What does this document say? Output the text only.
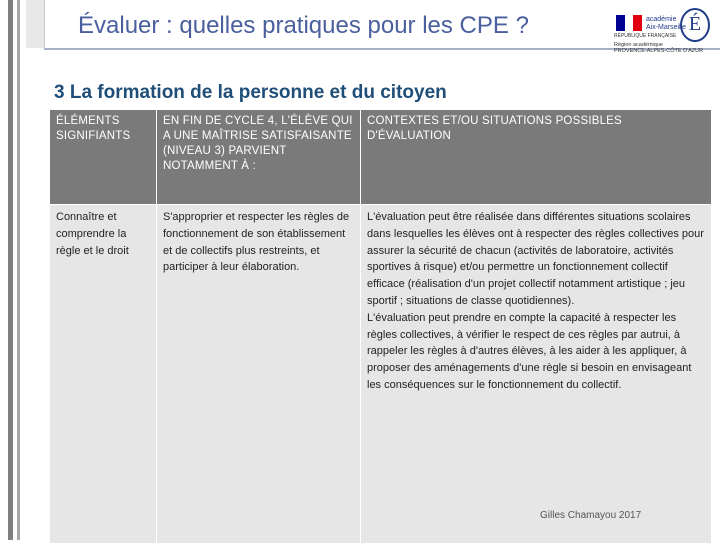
Évaluer : quelles pratiques pour les CPE ?	RÉPUBLIQUE FRANÇAISE
académie
Aix-Marseille É
Région académique
PROVENCE-ALPES-CÔTE D'AZUR
3 La formation de la personne et du citoyen
ÉLÉMENTS SIGNIFIANTS	EN FIN DE CYCLE 4, L'ÉLÈVE QUI A UNE MAÎTRISE SATISFAISANTE (NIVEAU 3) PARVIENT NOTAMMENT À :	CONTEXTES ET/OU SITUATIONS POSSIBLES D'ÉVALUATION
Connaître et comprendre la règle et le droit	S'approprier et respecter les règles de fonctionnement de son établissement et de collectifs plus restreints, et participer à leur élaboration.	L'évaluation peut être réalisée dans différentes situations scolaires dans lesquelles les élèves ont à respecter des règles collectives pour assurer la sécurité de chacun (activités de laboratoire, activités sportives à risque) et/ou permettre un fonctionnement collectif efficace (réalisation d'un projet collectif notamment artistique ; jeu sportif ; situations de classe quotidiennes).
L'évaluation peut prendre en compte la capacité à respecter les règles collectives, à vérifier le respect de ces règles par autrui, à rappeler les règles à d'autres élèves, à les aider à les appliquer, à proposer des aménagements d'une règle si besoin en envisageant les conséquences sur le fonctionnement du collectif.
Gilles Chamayou 2017
